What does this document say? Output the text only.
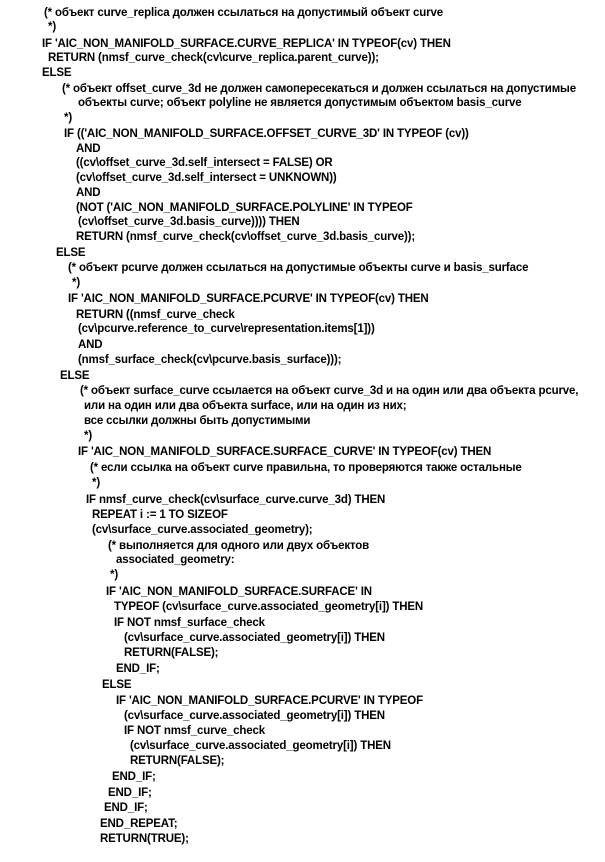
(* объект curve_replica должен ссылаться на допустимый объект curve
*)
IF 'AIC_NON_MANIFOLD_SURFACE.CURVE_REPLICA' IN TYPEOF(cv) THEN
RETURN (nmsf_curve_check(cv\curve_replica.parent_curve));
ELSE
(* объект offset_curve_3d не должен самопересекаться и должен ссылаться на допустимые
объекты curve; объект polyline не является допустимым объектом basis_curve
*)
IF (('AIC_NON_MANIFOLD_SURFACE.OFFSET_CURVE_3D' IN TYPEOF (cv))
AND
((cv\offset_curve_3d.self_intersect = FALSE) OR
(cv\offset_curve_3d.self_intersect = UNKNOWN))
AND
(NOT ('AIC_NON_MANIFOLD_SURFACE.POLYLINE' IN TYPEOF
(cv\offset_curve_3d.basis_curve)))) THEN
RETURN (nmsf_curve_check(cv\offset_curve_3d.basis_curve));
ELSE
(* объект pcurve должен ссылаться на допустимые объекты curve и basis_surface
*)
IF 'AIC_NON_MANIFOLD_SURFACE.PCURVE' IN TYPEOF(cv) THEN
RETURN ((nmsf_curve_check
(cv\pcurve.reference_to_curve\representation.items[1]))
AND
(nmsf_surface_check(cv\pcurve.basis_surface)));
ELSE
(* объект surface_curve ссылается на объект curve_3d и на один или два объекта pcurve,
или на один или два объекта surface, или на один из них;
все ссылки должны быть допустимыми
*)
IF 'AIC_NON_MANIFOLD_SURFACE.SURFACE_CURVE' IN TYPEOF(cv) THEN
(* если ссылка на объект curve правильна, то проверяются также остальные
*)
IF nmsf_curve_check(cv\surface_curve.curve_3d) THEN
REPEAT i := 1 TO SIZEOF
(cv\surface_curve.associated_geometry);
(* выполняется для одного или двух объектов
associated_geometry:
*)
IF 'AIC_NON_MANIFOLD_SURFACE.SURFACE' IN
TYPEOF (cv\surface_curve.associated_geometry[i]) THEN
IF NOT nmsf_surface_check
(cv\surface_curve.associated_geometry[i]) THEN
RETURN(FALSE);
END_IF;
ELSE
IF 'AIC_NON_MANIFOLD_SURFACE.PCURVE' IN TYPEOF
(cv\surface_curve.associated_geometry[i]) THEN
IF NOT nmsf_curve_check
(cv\surface_curve.associated_geometry[i]) THEN
RETURN(FALSE);
END_IF;
END_IF;
END_IF;
END_REPEAT;
RETURN(TRUE);
